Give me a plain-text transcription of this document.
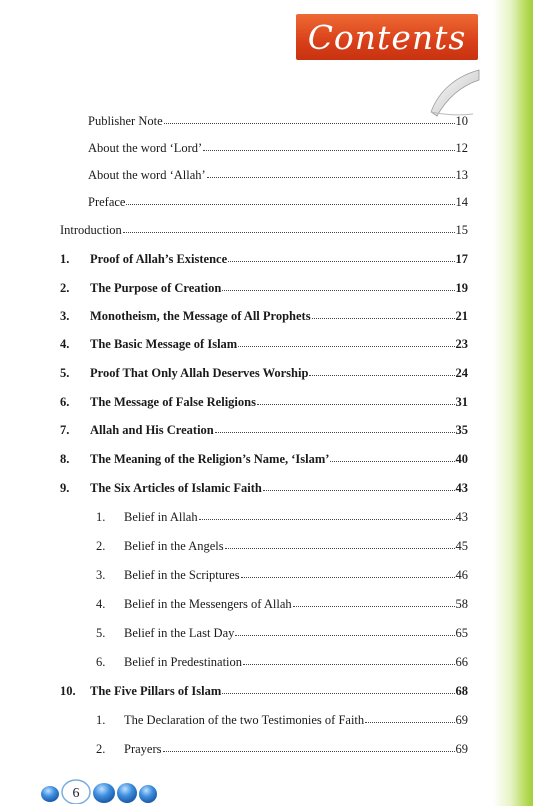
Contents
Publisher Note	10
About the word ‘Lord’	12
About the word ‘Allah’	13
Preface	14
Introduction	15
1.	Proof of Allah’s Existence	17
2.	The Purpose of Creation	19
3.	Monotheism, the Message of All Prophets	21
4.	The Basic Message of Islam	23
5.	Proof That Only Allah Deserves Worship	24
6.	The Message of False Religions	31
7.	Allah and His Creation	35
8.	The Meaning of the Religion’s Name, ‘Islam’	40
9.	The Six Articles of Islamic Faith	43
1.	Belief in Allah	43
2.	Belief in the Angels	45
3.	Belief in the Scriptures	46
4.	Belief in the Messengers of Allah	58
5.	Belief in the Last Day	65
6.	Belief in Predestination	66
10.	The Five Pillars of Islam	68
1.	The Declaration of the two Testimonies of Faith	69
2.	Prayers	69
6
